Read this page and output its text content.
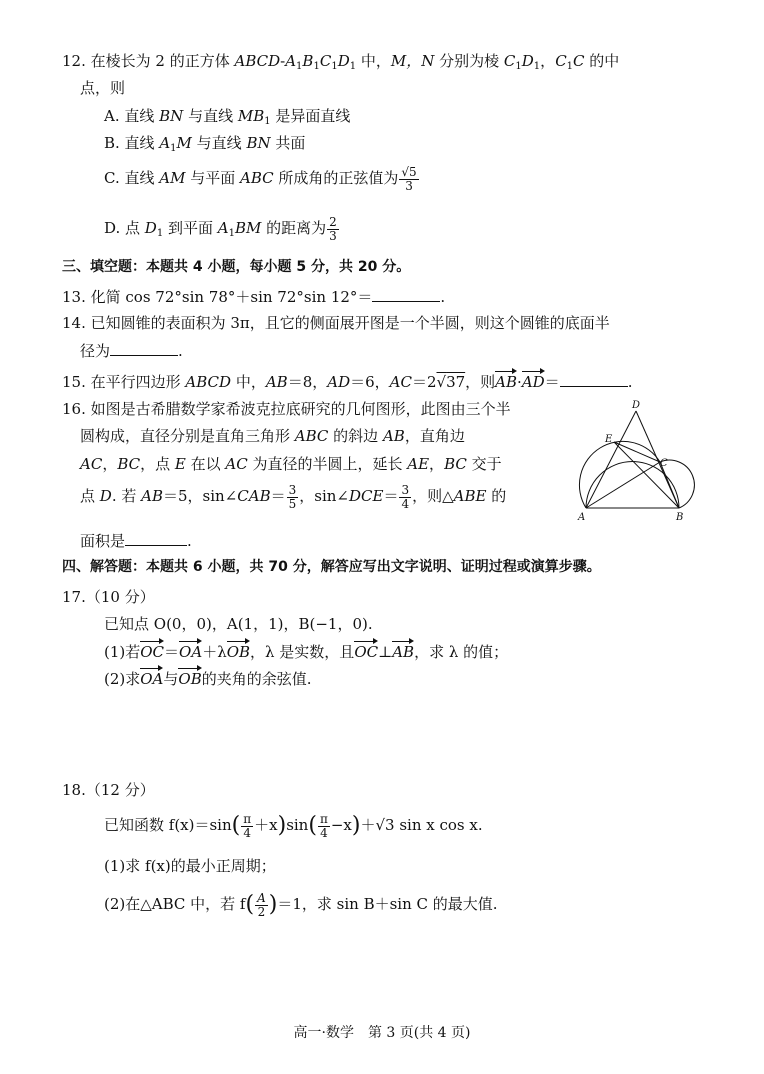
12. 在棱长为 2 的正方体 ABCD-$A_1B_1C_1D_1$ 中，M，N 分别为棱 $C_1D_1$，$C_1C$ 的中
点，则
A. 直线 BN 与直线 $MB_1$ 是异面直线
B. 直线 $A_1M$ 与直线 BN 共面
C. 直线 AM 与平面 ABC 所成角的正弦值为 $\frac{√5}{3}$
D. 点 $D_1$ 到平面 $A_1BM$ 的距离为 $\frac{2}{3}$
三、填空题：本题共 4 小题，每小题 5 分，共 20 分。
13. 化简 cos 72°sin 78°＋sin 72°sin 12°＝	.
14. 已知圆锥的表面积为 3π，且它的侧面展开图是一个半圆，则这个圆锥的底面半
径为	.
15. 在平行四边形 ABCD 中，AB＝8，AD＝6，AC＝2√37，则AB·AD＝	.
16. 如图是古希腊数学家希波克拉底研究的几何图形，此图由三个半
圆构成，直径分别是直角三角形 ABC 的斜边 AB，直角边
AC，BC，点 E 在以 AC 为直径的半圆上，延长 AE，BC 交于
点 D. 若 AB＝5，sin∠CAB＝ $\frac{3}{5}$ ，sin∠DCE＝ $\frac{3}{4}$ ，则△ABE 的
面积是	.
D
E
C
A	B
四、解答题：本题共 6 小题，共 70 分，解答应写出文字说明、证明过程或演算步骤。
17.（10 分）
已知点 O(0，0)，A(1，1)，B(−1，0).
(1)若OC＝OA＋λOB，λ 是实数，且OC⊥AB，求 λ 的值；
(2)求OA与OB的夹角的余弦值.
18.（12 分）
已知函数 $f(x)=\sin( \frac{\pi}{4} +x)\sin( \frac{\pi}{4} -x)+√3$ sin x cos x.
(1)求 f(x)的最小正周期；
(2)在△ABC 中，若 $f( \frac{A}{2} )=1$，求 sin B＋sin C 的最大值.
高一·数学　第 3 页(共 4 页)
